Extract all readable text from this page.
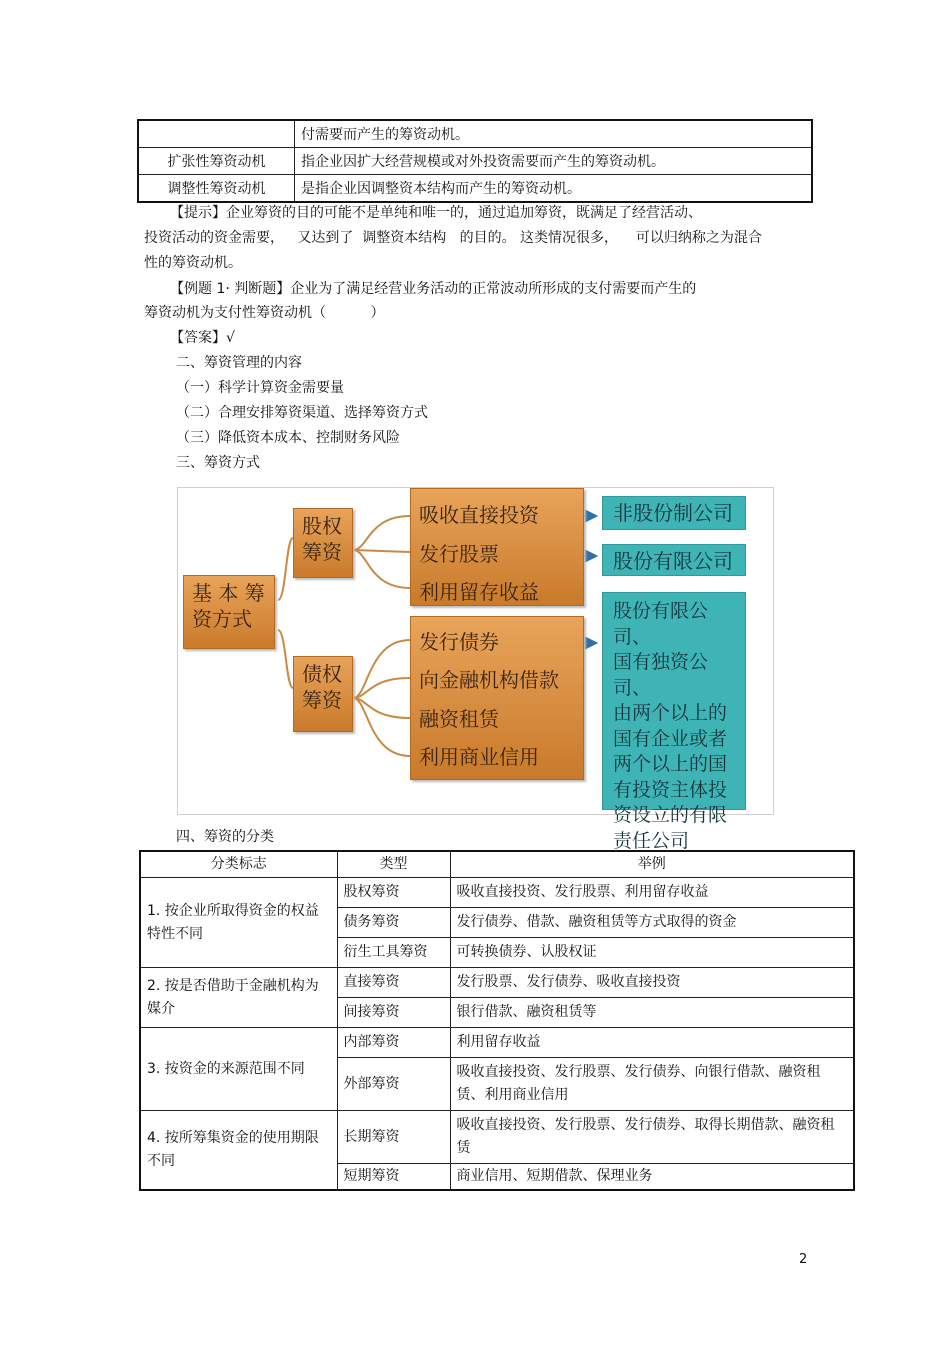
	付需要而产生的筹资动机。
扩张性筹资动机	指企业因扩大经营规模或对外投资需要而产生的筹资动机。
调整性筹资动机	是指企业因调整资本结构而产生的筹资动机。
【提示】企业筹资的目的可能不是单纯和唯一的，通过追加筹资，既满足了经营活动、
投资活动的资金需要，   又达到了  调整资本结构   的目的。 这类情况很多，    可以归纳称之为混合
性的筹资动机。
【例题 1· 判断题】企业为了满足经营业务活动的正常波动所形成的支付需要而产生的
筹资动机为支付性筹资动机（          ）
【答案】√
二、筹资管理的内容
（一）科学计算资金需要量
（二）合理安排筹资渠道、选择筹资方式
（三）降低资本成本、控制财务风险
三、筹资方式
基 本 筹
资方式
股权
筹资
债权
筹资
吸收直接投资
发行股票
利用留存收益
发行债券
向金融机构借款
融资租赁
利用商业信用
非股份制公司
股份有限公司
股份有限公司、
国有独资公司、
由两个以上的
国有企业或者
两个以上的国
有投资主体投
资设立的有限
责任公司
四、筹资的分类
分类标志	类型	举例
1. 按企业所取得资金的权益特性不同	股权筹资	吸收直接投资、发行股票、利用留存收益
	债务筹资	发行债券、借款、融资租赁等方式取得的资金
	衍生工具筹资	可转换债券、认股权证
2. 按是否借助于金融机构为媒介	直接筹资	发行股票、发行债券、吸收直接投资
	间接筹资	银行借款、融资租赁等
3. 按资金的来源范围不同	内部筹资	利用留存收益
	外部筹资	吸收直接投资、发行股票、发行债券、向银行借款、融资租赁、利用商业信用
4. 按所筹集资金的使用期限不同	长期筹资	吸收直接投资、发行股票、发行债券、取得长期借款、融资租赁
	短期筹资	商业信用、短期借款、保理业务
2
